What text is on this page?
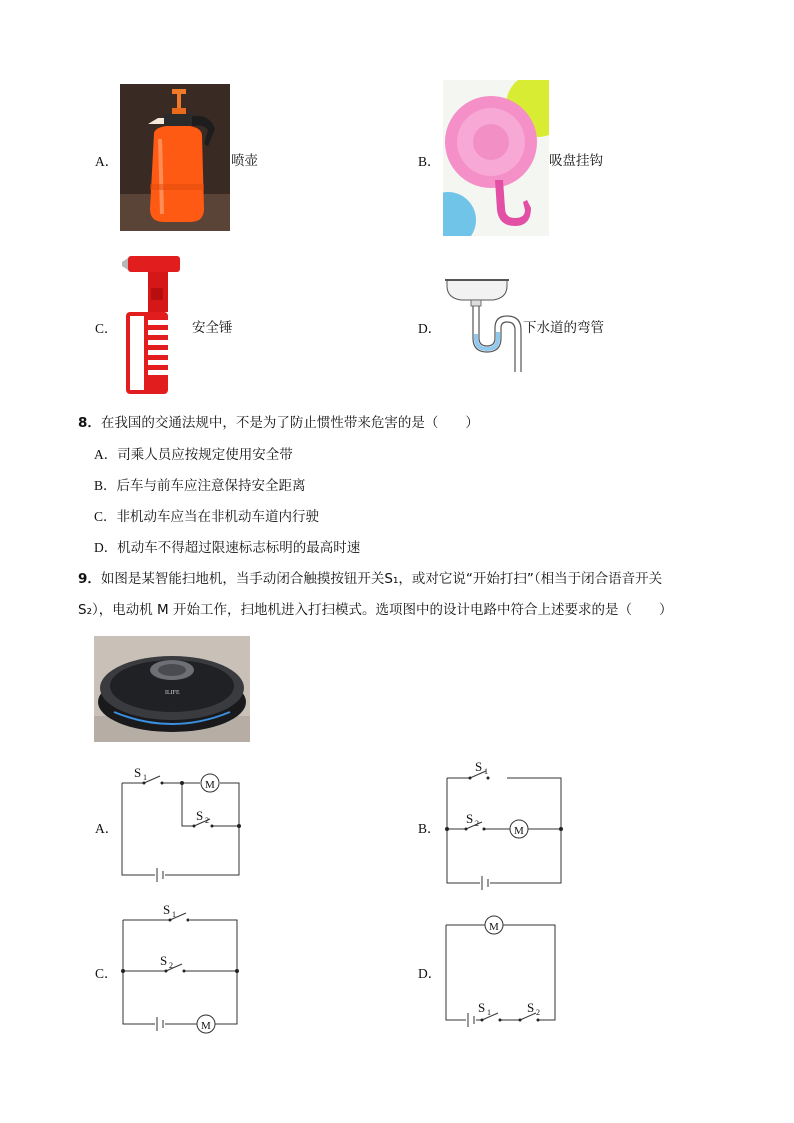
A．	喷壶	B．	吸盘挂钩
C．	安全锤	D．	下水道的弯管
8．在我国的交通法规中，不是为了防止惯性带来危害的是（　　）
A．司乘人员应按规定使用安全带
B．后车与前车应注意保持安全距离
C．非机动车应当在非机动车道内行驶
D．机动车不得超过限速标志标明的最高时速
9．如图是某智能扫地机，当手动闭合触摸按钮开关S₁，或对它说“开始打扫”（相当于闭合语音开关
S₂），电动机 M 开始工作，扫地机进入打扫模式。选项图中的设计电路中符合上述要求的是（　　）
ILIFE
A．	B．
C．	D．
S 1
S 2
M
S 1
S 2
M
S 1
S 2
M
S 1	S 2
M
